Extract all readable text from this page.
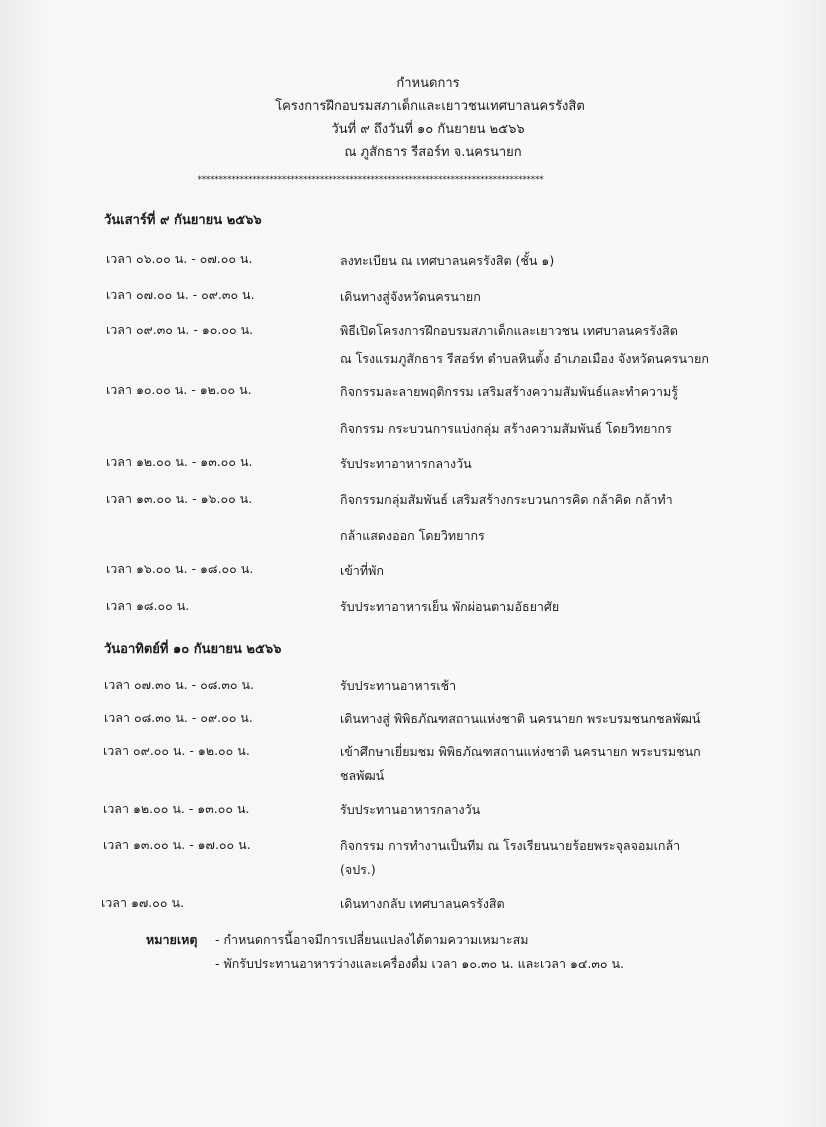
กำหนดการ
โครงการฝึกอบรมสภาเด็กและเยาวชนเทศบาลนครรังสิต
วันที่ ๙ ถึงวันที่ ๑๐ กันยายน ๒๕๖๖
ณ ภูสักธาร รีสอร์ท จ.นครนายก
**********************************************************************************
วันเสาร์ที่ ๙ กันยายน ๒๕๖๖
เวลา ๐๖.๐๐ น. - ๐๗.๐๐ น.	ลงทะเบียน ณ เทศบาลนครรังสิต (ชั้น ๑)
เวลา ๐๗.๐๐ น. - ๐๙.๓๐ น.	เดินทางสู่จังหวัดนครนายก
เวลา ๐๙.๓๐ น. - ๑๐.๐๐ น.	พิธีเปิดโครงการฝึกอบรมสภาเด็กและเยาวชน เทศบาลนครรังสิต
ณ โรงแรมภูสักธาร รีสอร์ท ตำบลหินตั้ง อำเภอเมือง จังหวัดนครนายก
เวลา ๑๐.๐๐ น. - ๑๒.๐๐ น.	กิจกรรมละลายพฤติกรรม เสริมสร้างความสัมพันธ์และทำความรู้
กิจกรรม กระบวนการแบ่งกลุ่ม สร้างความสัมพันธ์ โดยวิทยากร
เวลา ๑๒.๐๐ น. - ๑๓.๐๐ น.	รับประทาอาหารกลางวัน
เวลา ๑๓.๐๐ น. - ๑๖.๐๐ น.	กิจกรรมกลุ่มสัมพันธ์ เสริมสร้างกระบวนการคิด กล้าคิด กล้าทำ
กล้าแสดงออก โดยวิทยากร
เวลา ๑๖.๐๐ น. - ๑๘.๐๐ น.	เข้าที่พัก
เวลา ๑๘.๐๐ น.	รับประทาอาหารเย็น พักผ่อนตามอัธยาศัย
วันอาทิตย์ที่ ๑๐ กันยายน ๒๕๖๖
เวลา ๐๗.๓๐ น. - ๐๘.๓๐ น.	รับประทานอาหารเช้า
เวลา ๐๘.๓๐ น. - ๐๙.๐๐ น.	เดินทางสู่ พิพิธภัณฑสถานแห่งชาติ นครนายก พระบรมชนกชลพัฒน์
เวลา ๐๙.๐๐ น. - ๑๒.๐๐ น.	เข้าศึกษาเยี่ยมชม พิพิธภัณฑสถานแห่งชาติ นครนายก พระบรมชนก
ชลพัฒน์
เวลา ๑๒.๐๐ น. - ๑๓.๐๐ น.	รับประทานอาหารกลางวัน
เวลา ๑๓.๐๐ น. - ๑๗.๐๐ น.	กิจกรรม การทำงานเป็นทีม ณ โรงเรียนนายร้อยพระจุลจอมเกล้า
(จปร.)
เวลา ๑๗.๐๐ น.	เดินทางกลับ เทศบาลนครรังสิต
หมายเหตุ - กำหนดการนี้อาจมีการเปลี่ยนแปลงได้ตามความเหมาะสม
- พักรับประทานอาหารว่างและเครื่องดื่ม เวลา ๑๐.๓๐ น. และเวลา ๑๔.๓๐ น.
